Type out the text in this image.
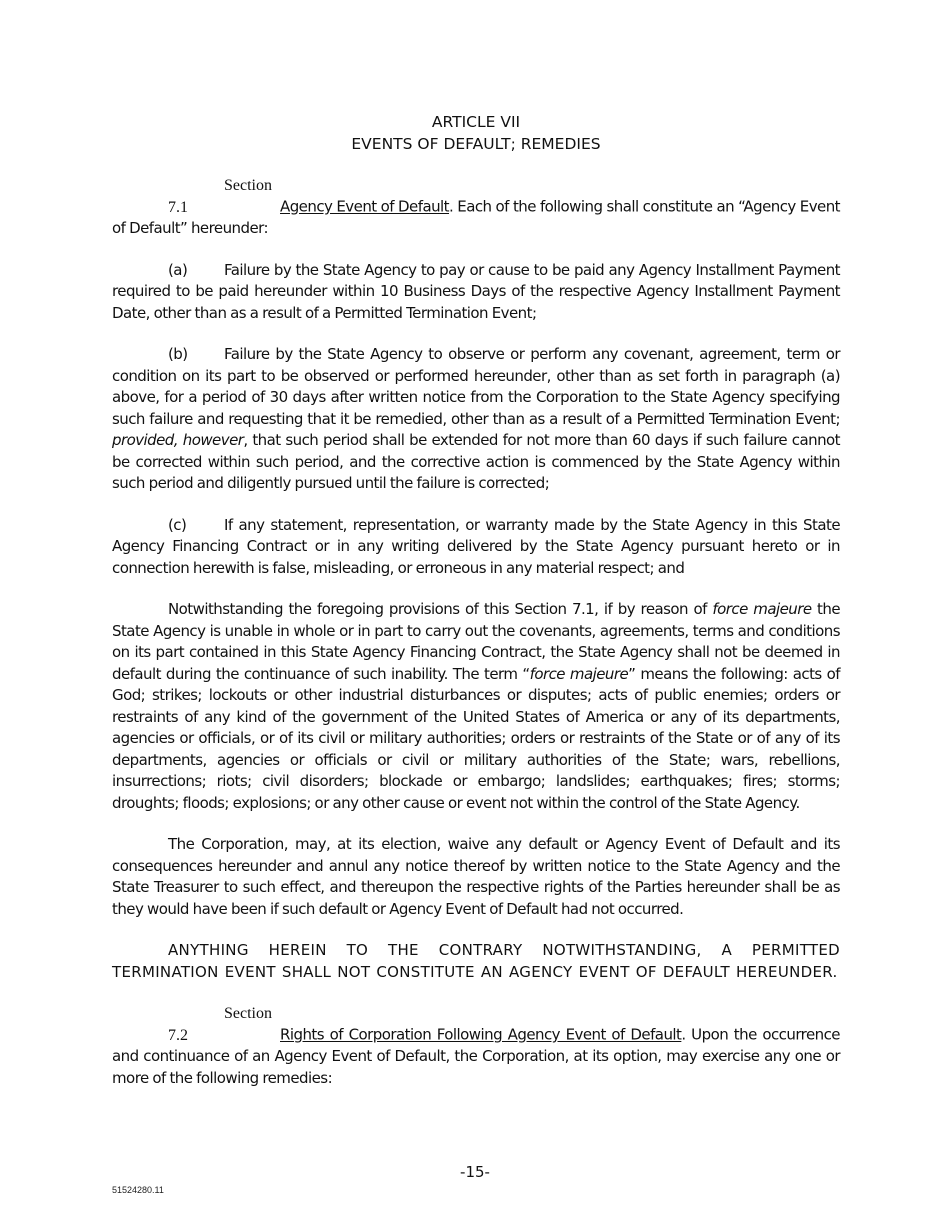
ARTICLE VII
EVENTS OF DEFAULT; REMEDIES

Section 7.1	Agency Event of Default. Each of the following shall constitute an “Agency Event of Default” hereunder:

(a) Failure by the State Agency to pay or cause to be paid any Agency Installment Payment required to be paid hereunder within 10 Business Days of the respective Agency Installment Payment Date, other than as a result of a Permitted Termination Event;

(b) Failure by the State Agency to observe or perform any covenant, agreement, term or condition on its part to be observed or performed hereunder, other than as set forth in paragraph (a) above, for a period of 30 days after written notice from the Corporation to the State Agency specifying such failure and requesting that it be remedied, other than as a result of a Permitted Termination Event; provided, however, that such period shall be extended for not more than 60 days if such failure cannot be corrected within such period, and the corrective action is commenced by the State Agency within such period and diligently pursued until the failure is corrected;

(c)	If any statement, representation, or warranty made by the State Agency in this State Agency Financing Contract or in any writing delivered by the State Agency pursuant hereto or in connection herewith is false, misleading, or erroneous in any material respect; and

Notwithstanding the foregoing provisions of this Section 7.1, if by reason of force majeure the State Agency is unable in whole or in part to carry out the covenants, agreements, terms and conditions on its part contained in this State Agency Financing Contract, the State Agency shall not be deemed in default during the continuance of such inability. The term “force majeure” means the following: acts of God; strikes; lockouts or other industrial disturbances or disputes; acts of public enemies; orders or restraints of any kind of the government of the United States of America or any of its departments, agencies or officials, or of its civil or military authorities; orders or restraints of the State or of any of its departments, agencies or officials or civil or military authorities of the State; wars, rebellions, insurrections; riots; civil disorders; blockade or embargo; landslides; earthquakes; fires; storms; droughts; floods; explosions; or any other cause or event not within the control of the State Agency.

The Corporation, may, at its election, waive any default or Agency Event of Default and its consequences hereunder and annul any notice thereof by written notice to the State Agency and the State Treasurer to such effect, and thereupon the respective rights of the Parties hereunder shall be as they would have been if such default or Agency Event of Default had not occurred.

ANYTHING HEREIN TO THE CONTRARY NOTWITHSTANDING, A PERMITTED TERMINATION EVENT SHALL NOT CONSTITUTE AN AGENCY EVENT OF DEFAULT HEREUNDER.

Section 7.2	Rights of Corporation Following Agency Event of Default. Upon the occurrence and continuance of an Agency Event of Default, the Corporation, at its option, may exercise any one or more of the following remedies:

-15-
51524280.11
